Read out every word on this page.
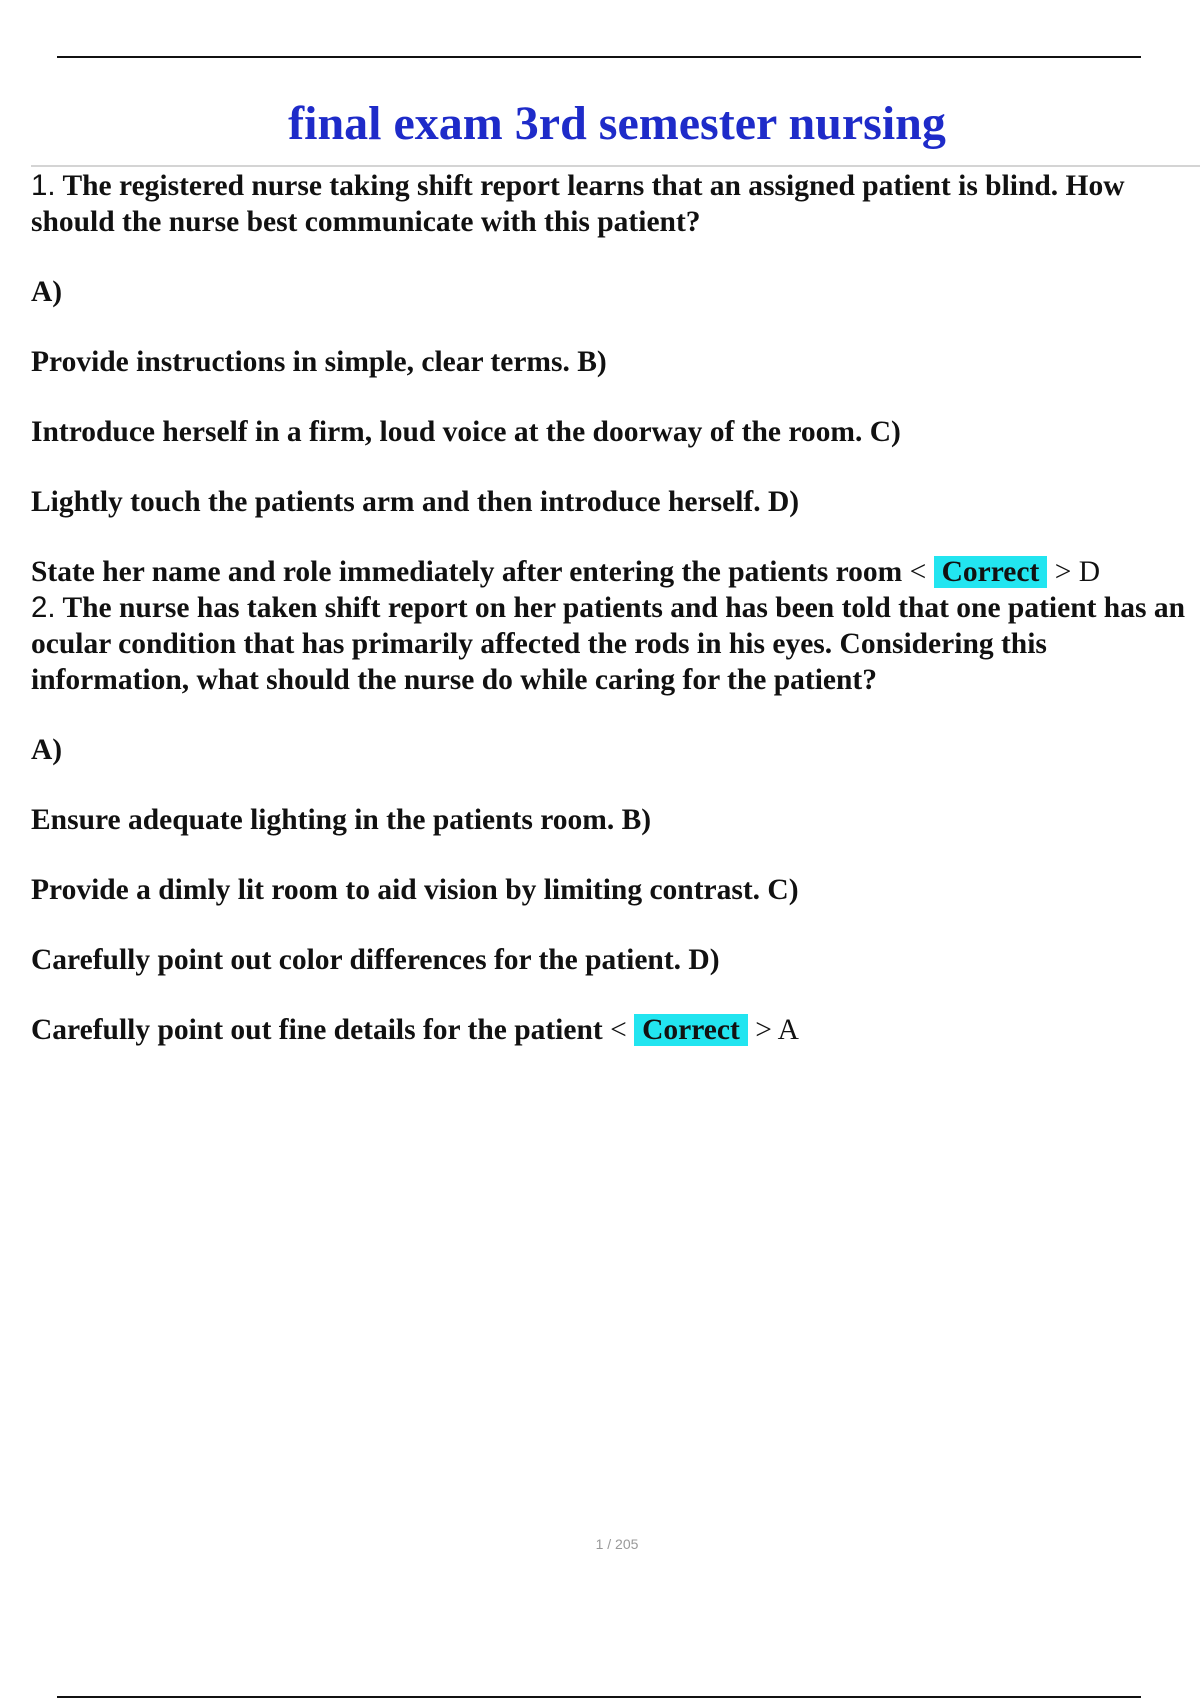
final exam 3rd semester nursing

1. The registered nurse taking shift report learns that an assigned patient is blind. How should the nurse best communicate with this patient?

A)

Provide instructions in simple, clear terms. B)

Introduce herself in a firm, loud voice at the doorway of the room. C)

Lightly touch the patients arm and then introduce herself. D)

State her name and role immediately after entering the patients room < Correct > D

2. The nurse has taken shift report on her patients and has been told that one patient has an ocular condition that has primarily affected the rods in his eyes. Considering this information, what should the nurse do while caring for the patient?

A)

Ensure adequate lighting in the patients room. B)

Provide a dimly lit room to aid vision by limiting contrast. C)

Carefully point out color differences for the patient. D)

Carefully point out fine details for the patient < Correct > A

1 / 205
